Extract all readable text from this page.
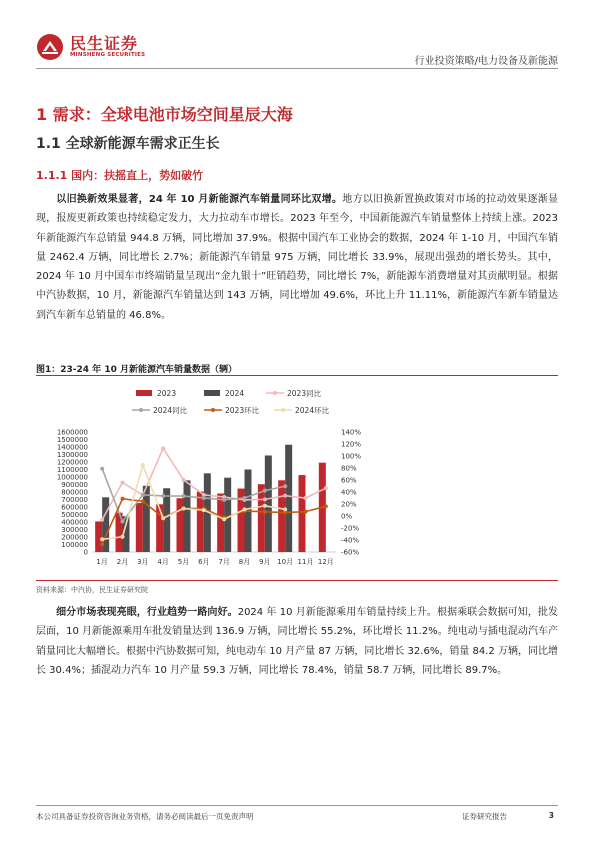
民生证券
MINSHENG SECURITIES
行业投资策略/电力设备及新能源
1 需求：全球电池市场空间星辰大海
1.1 全球新能源车需求正生长
1.1.1 国内：扶摇直上，势如破竹
以旧换新效果显著，24 年 10 月新能源汽车销量同环比双增。地方以旧换新置换政策对市场的拉动效果逐渐显现，报废更新政策也持续稳定发力，大力拉动车市增长。2023 年至今，中国新能源汽车销量整体上持续上涨。2023 年新能源汽车总销量 944.8 万辆，同比增加 37.9%。根据中国汽车工业协会的数据，2024 年 1-10 月，中国汽车销量 2462.4 万辆，同比增长 2.7%；新能源汽车销量 975 万辆，同比增长 33.9%，展现出强劲的增长势头。其中，2024 年 10 月中国车市终端销量呈现出“金九银十”旺销趋势，同比增长 7%，新能源车消费增量对其贡献明显。根据中汽协数据，10 月，新能源汽车销量达到 143 万辆，同比增加 49.6%，环比上升 11.11%，新能源汽车新车销量达到汽车新车总销量的 46.8%。
图1：23-24 年 10 月新能源汽车销量数据（辆）
0
100000
200000
300000
400000
500000
600000
700000
800000
900000
1000000
1100000
1200000
1300000
1400000
1500000
1600000
-60%
-40%
-20%
0%
20%
40%
60%
80%
100%
120%
140%
1月 2月 3月 4月 5月 6月 7月 8月 9月 10月 11月 12月
2023	2024	2023同比
2024同比	2023环比	2024环比
资料来源：中汽协，民生证券研究院
细分市场表现亮眼，行业趋势一路向好。2024 年 10 月新能源乘用车销量持续上升。根据乘联会数据可知，批发层面，10 月新能源乘用车批发销量达到 136.9 万辆，同比增长 55.2%，环比增长 11.2%。纯电动与插电混动汽车产销量同比大幅增长。根据中汽协数据可知，纯电动车 10 月产量 87 万辆，同比增长 32.6%，销量 84.2 万辆，同比增长 30.4%；插混动力汽车 10 月产量 59.3 万辆，同比增长 78.4%，销量 58.7 万辆，同比增长 89.7%。
本公司具备证券投资咨询业务资格，请务必阅读最后一页免责声明	证券研究报告	3
